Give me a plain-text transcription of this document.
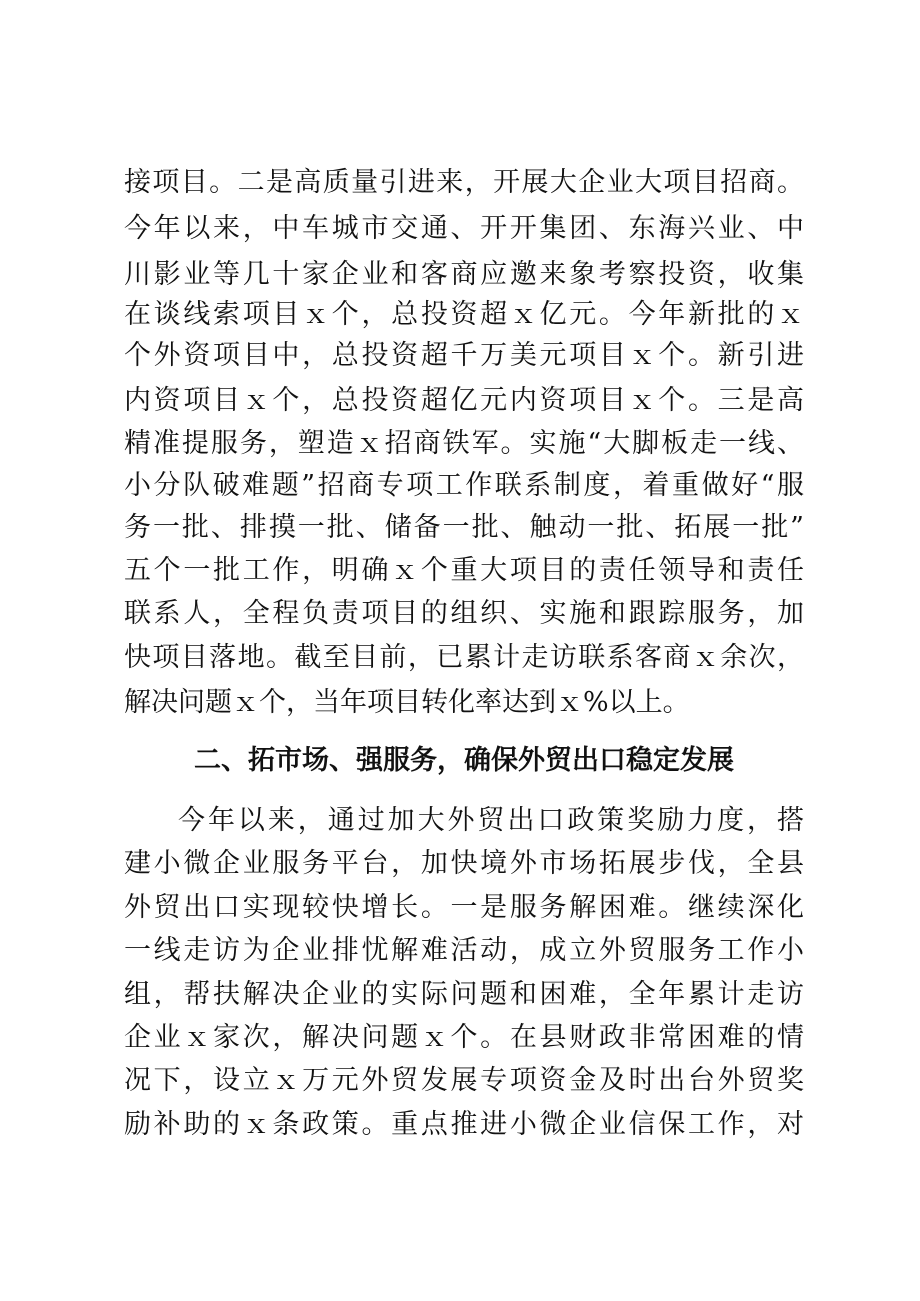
接项目。二是高质量引进来，开展大企业大项目招商。
今年以来，中车城市交通、开开集团、东海兴业、中
川影业等几十家企业和客商应邀来象考察投资，收集
在谈线索项目ｘ个，总投资超ｘ亿元。今年新批的ｘ
个外资项目中，总投资超千万美元项目ｘ个。新引进
内资项目ｘ个，总投资超亿元内资项目ｘ个。三是高
精准提服务，塑造ｘ招商铁军。实施“大脚板走一线、
小分队破难题”招商专项工作联系制度，着重做好“服
务一批、排摸一批、储备一批、触动一批、拓展一批”
五个一批工作，明确ｘ个重大项目的责任领导和责任
联系人，全程负责项目的组织、实施和跟踪服务，加
快项目落地。截至目前，已累计走访联系客商ｘ余次，
解决问题ｘ个，当年项目转化率达到ｘ%以上。
二、拓市场、强服务，确保外贸出口稳定发展
今年以来，通过加大外贸出口政策奖励力度，搭
建小微企业服务平台，加快境外市场拓展步伐，全县
外贸出口实现较快增长。一是服务解困难。继续深化
一线走访为企业排忧解难活动，成立外贸服务工作小
组，帮扶解决企业的实际问题和困难，全年累计走访
企业ｘ家次，解决问题ｘ个。在县财政非常困难的情
况下，设立ｘ万元外贸发展专项资金及时出台外贸奖
励补助的ｘ条政策。重点推进小微企业信保工作，对
